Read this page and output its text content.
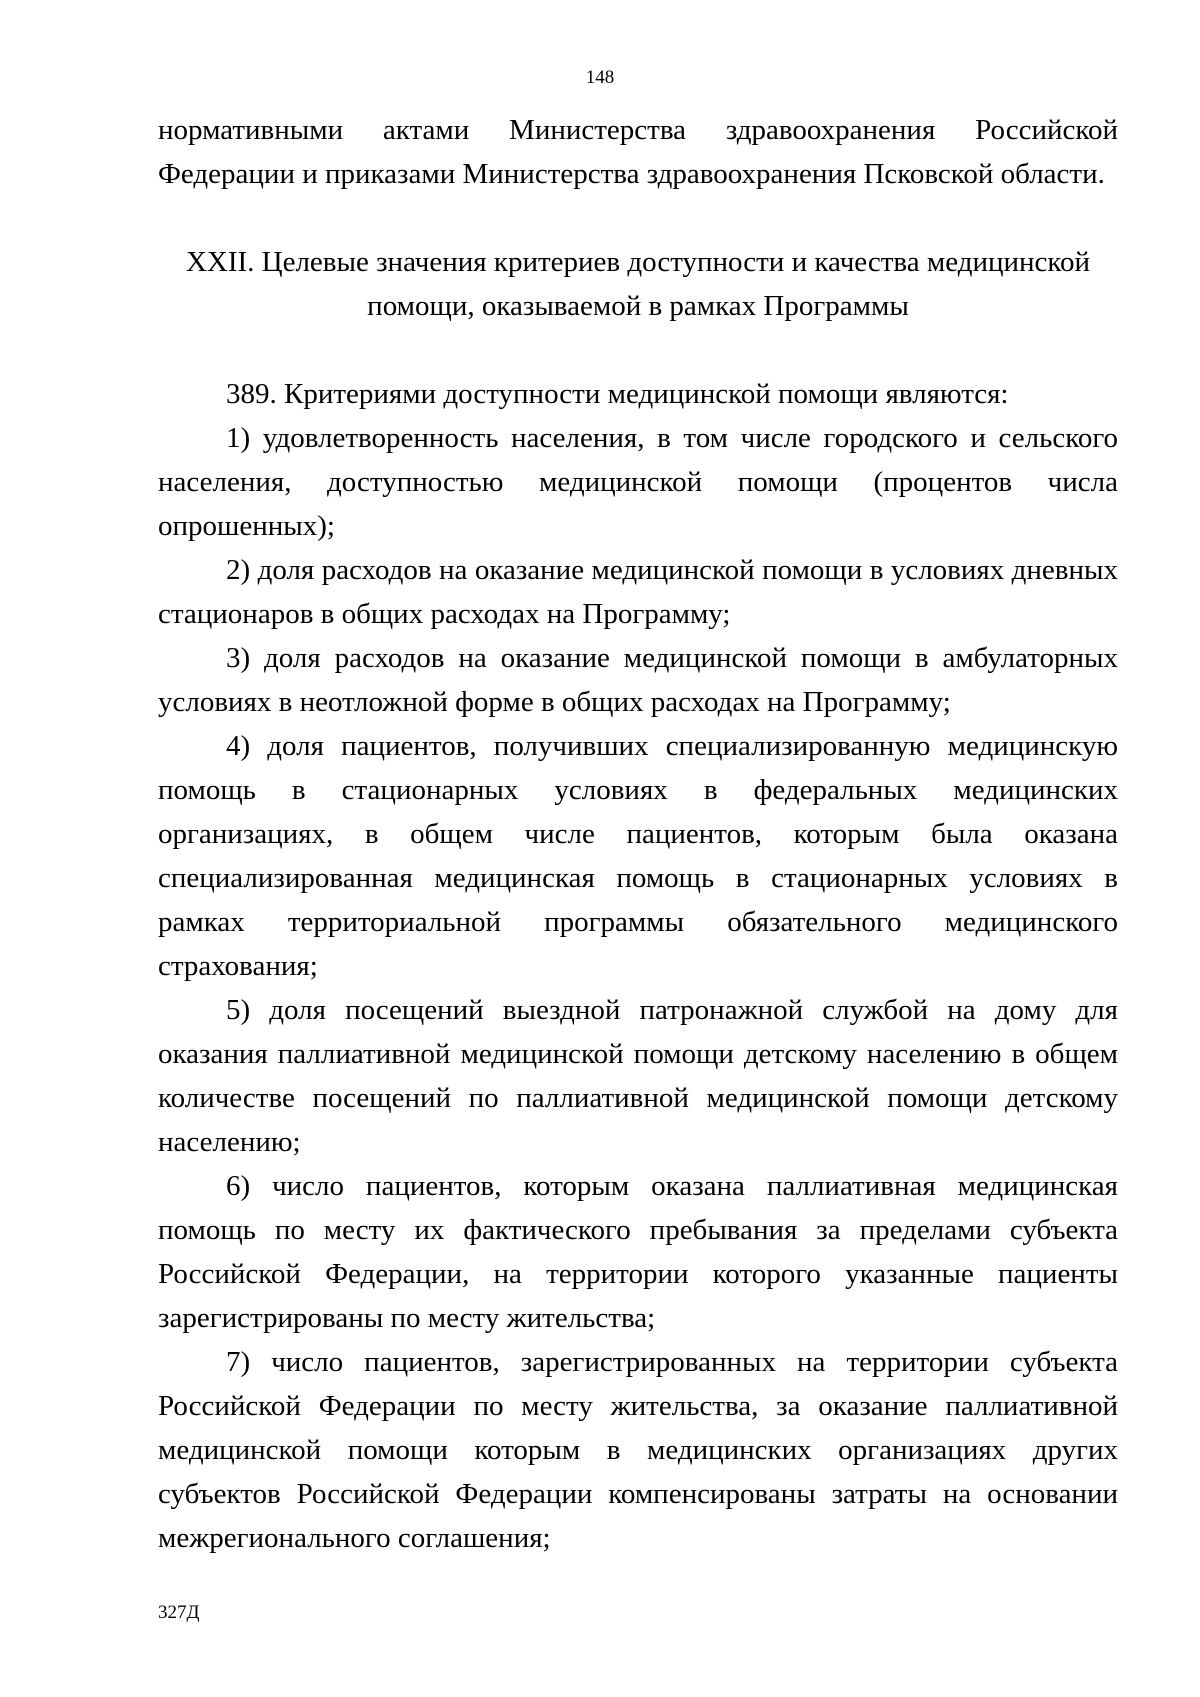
148

нормативными актами Министерства здравоохранения Российской Федерации и приказами Министерства здравоохранения Псковской области.

XXII. Целевые значения критериев доступности и качества медицинской
помощи, оказываемой в рамках Программы

389. Критериями доступности медицинской помощи являются:

1) удовлетворенность населения, в том числе городского и сельского населения, доступностью медицинской помощи (процентов числа опрошенных);

2) доля расходов на оказание медицинской помощи в условиях дневных стационаров в общих расходах на Программу;

3) доля расходов на оказание медицинской помощи в амбулаторных условиях в неотложной форме в общих расходах на Программу;

4) доля пациентов, получивших специализированную медицинскую помощь в стационарных условиях в федеральных медицинских организациях, в общем числе пациентов, которым была оказана специализированная медицинская помощь в стационарных условиях в рамках территориальной программы обязательного медицинского страхования;

5) доля посещений выездной патронажной службой на дому для оказания паллиативной медицинской помощи детскому населению в общем количестве посещений по паллиативной медицинской помощи детскому населению;

6) число пациентов, которым оказана паллиативная медицинская помощь по месту их фактического пребывания за пределами субъекта Российской Федерации, на территории которого указанные пациенты зарегистрированы по месту жительства;

7) число пациентов, зарегистрированных на территории субъекта Российской Федерации по месту жительства, за оказание паллиативной медицинской помощи которым в медицинских организациях других субъектов Российской Федерации компенсированы затраты на основании межрегионального соглашения;

327Д
